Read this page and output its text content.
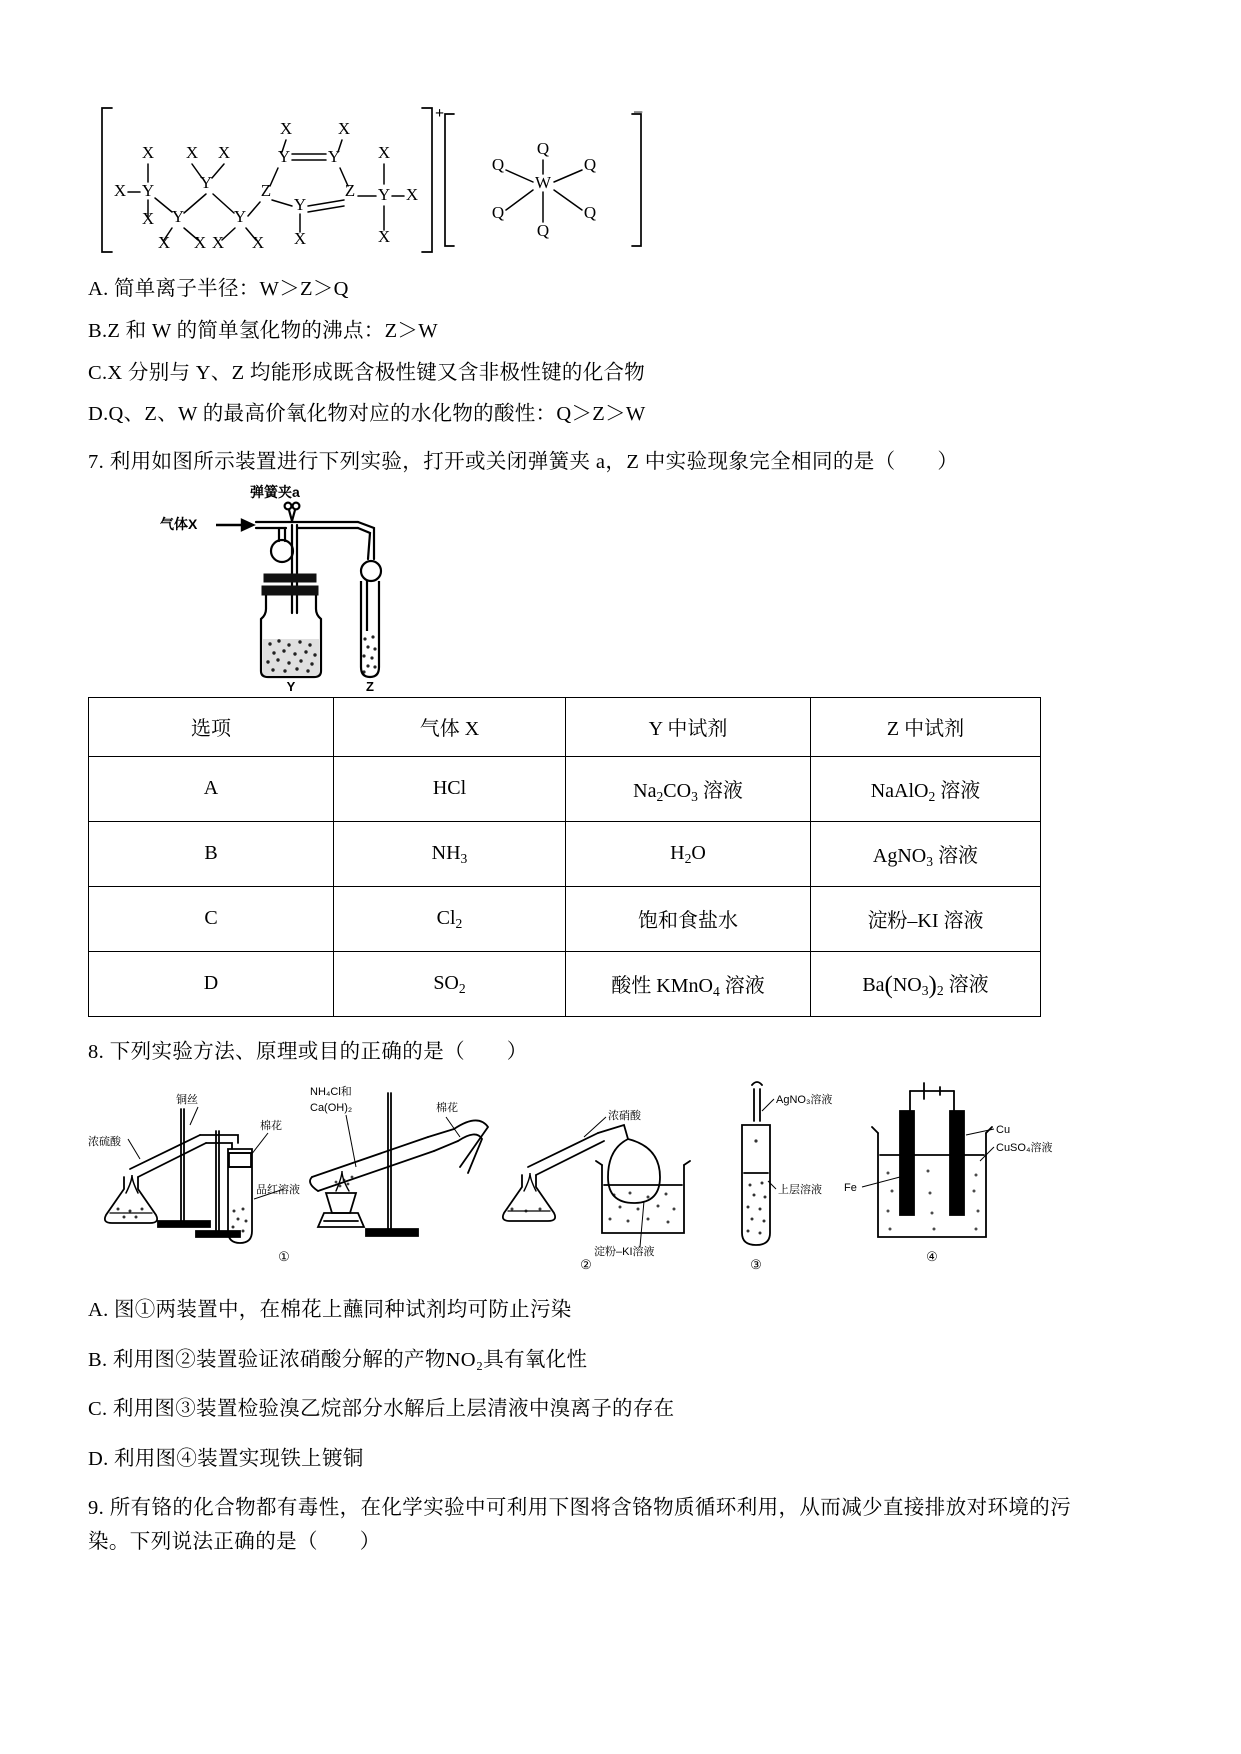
+	−
X X X
X	X
X
X Y	Y
Y Y
Z	Z Y X
Y	Y
Y
X
X X X X X	X
Q
Q	Q
W
Q	Q
Q
A. 简单离子半径：W＞Z＞Q
B.Z 和 W 的简单氢化物的沸点：Z＞W
C.X 分别与 Y、Z 均能形成既含极性键又含非极性键的化合物
D.Q、Z、W 的最高价氧化物对应的水化物的酸性：Q＞Z＞W
7. 利用如图所示装置进行下列实验，打开或关闭弹簧夹 a，Z 中实验现象完全相同的是（　　）
气体X
弹簧夹a
Y	Z
选项	气体 X	Y 中试剂	Z 中试剂
A	HCl	$Na_2CO_3$ 溶液	NaAlO$_2$ 溶液
B	$NH_3$	$H_2O$	AgNO$_3$ 溶液
C	$Cl_2$	饱和食盐水	淀粉–KI 溶液
D	$SO_2$	酸性 KMnO$_4$ 溶液	$Ba(NO_3)_2$ 溶液
8. 下列实验方法、原理或目的正确的是（　　）
浓硫酸
铜丝
棉花
品红溶液
NH₄Cl和
Ca(OH)₂	棉花
浓硝酸
淀粉–KI溶液
AgNO₃溶液
上层溶液
Cu
Fe
CuSO₄溶液
①
②	③
④
A. 图①两装置中，在棉花上蘸同种试剂均可防止污染
B. 利用图②装置验证浓硝酸分解的产物NO₂具有氧化性
C. 利用图③装置检验溴乙烷部分水解后上层清液中溴离子的存在
D. 利用图④装置实现铁上镀铜
9. 所有铬的化合物都有毒性，在化学实验中可利用下图将含铬物质循环利用，从而减少直接排放对环境的污
染。下列说法正确的是（　　）
